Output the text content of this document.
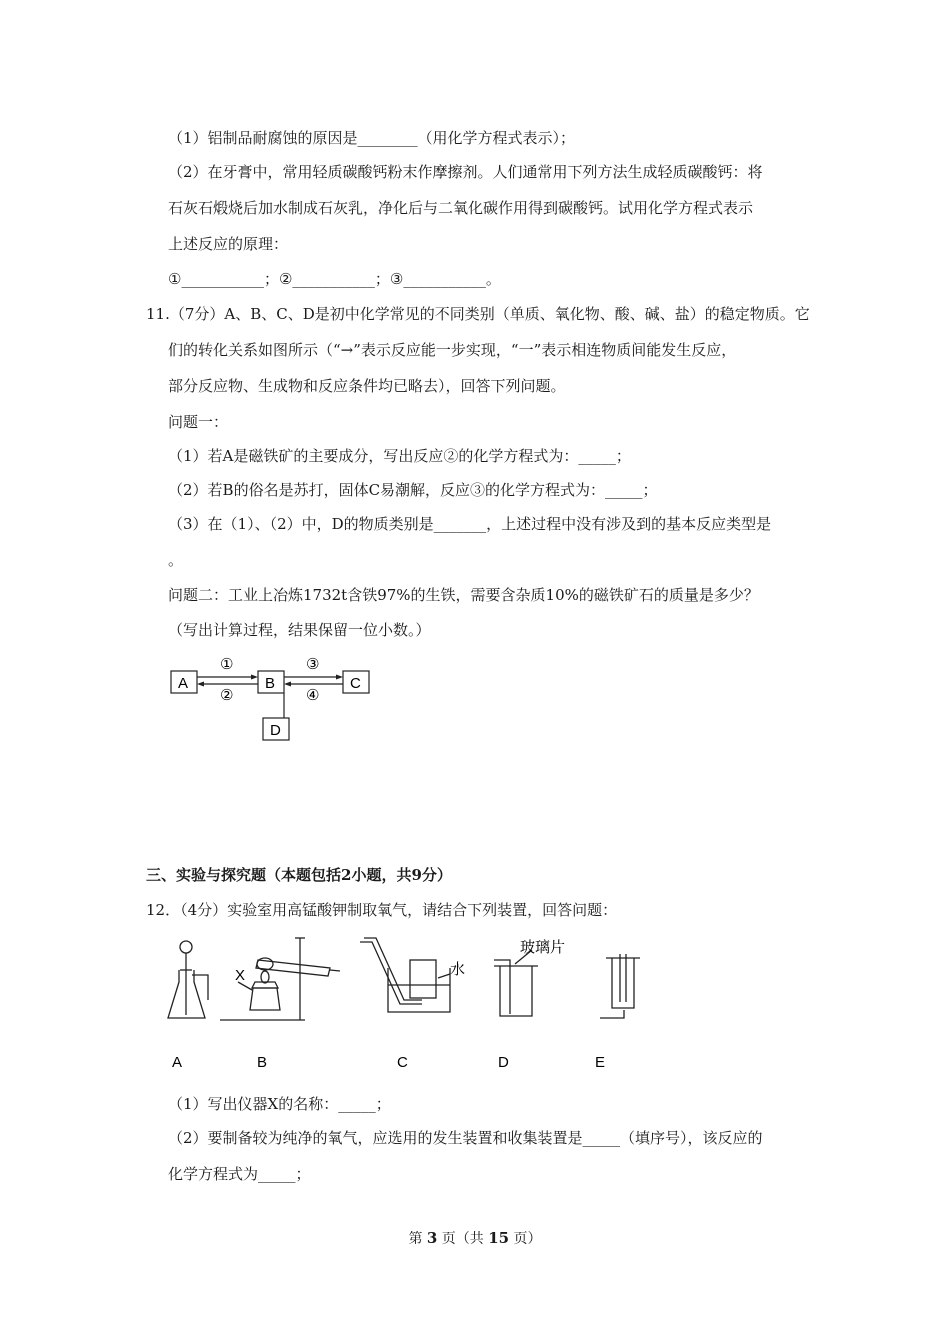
（1）铝制品耐腐蚀的原因是________（用化学方程式表示）；
（2）在牙膏中，常用轻质碳酸钙粉末作摩擦剂。人们通常用下列方法生成轻质碳酸钙：将
石灰石煅烧后加水制成石灰乳，净化后与二氧化碳作用得到碳酸钙。试用化学方程式表示
上述反应的原理：
①___________；②___________；③___________。
11.（7分）A、B、C、D是初中化学常见的不同类别（单质、氧化物、酸、碱、盐）的稳定物质。它
们的转化关系如图所示（“→”表示反应能一步实现，“一”表示相连物质间能发生反应，
部分反应物、生成物和反应条件均已略去），回答下列问题。
问题一：
（1）若A是磁铁矿的主要成分，写出反应②的化学方程式为：_____；
（2）若B的俗名是苏打，固体C易潮解，反应③的化学方程式为：_____；
（3）在（1）、（2）中，D的物质类别是_______，上述过程中没有涉及到的基本反应类型是
。
问题二：工业上冶炼1732t含铁97%的生铁，需要含杂质10%的磁铁矿石的质量是多少？
（写出计算过程，结果保留一位小数。）
A	B	C
D
①
②
③
④
三、实验与探究题（本题包括2小题，共9分）
12．（4分）实验室用高锰酸钾制取氧气，请结合下列装置，回答问题：
X	水
玻璃片
A	B	C	D	E
（1）写出仪器X的名称：_____；
（2）要制备较为纯净的氧气，应选用的发生装置和收集装置是_____（填序号），该反应的
化学方程式为_____；
第 3 页（共 15 页）
